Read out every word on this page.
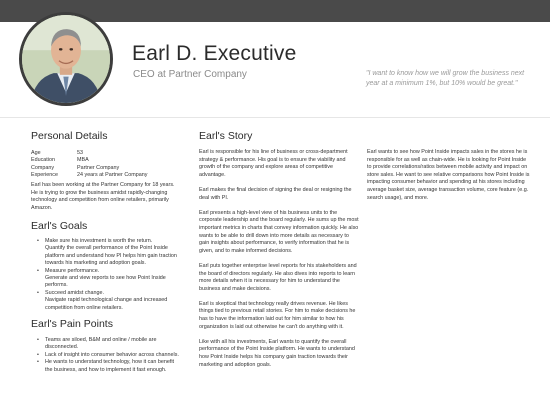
Earl D. Executive
CEO at Partner Company	"I want to know how we will grow the business next year at a minimum 1%, but 10% would be great."
Personal Details
Age	53
Education	MBA
Company	Partner Company
Experience	24 years at Partner Company
Earl has been working at the Partner Company for 18 years. He is trying to grow the business amidst rapidly-changing technology and competition from online retailers, primarily Amazon.
Earl's Goals
• Make sure his investment is worth the return.
Quantify the overall performance of the Point Inside platform and understand how PI helps him gain traction towards his marketing and adoption goals.
• Measure performance.
Generate and view reports to see how Point Inside performs.
• Succeed amidst change.
Navigate rapid technological change and increased competition from online retailers.
Earl's Pain Points
• Teams are siloed, B&M and online / mobile are disconnected.
• Lack of insight into consumer behavior across channels.
• He wants to understand technology, how it can benefit the business, and how to implement it fast enough.
Earl's Story

Earl is responsible for his line of business or cross-department strategy & performance. His goal is to ensure the viability and growth of the company and explore areas of competitive advantage.

Earl makes the final decision of signing the deal or resigning the deal with PI.

Earl presents a high-level view of his business units to the corporate leadership and the board regularly. He sums up the most important metrics in charts that convey information quickly. He also wants to be able to drill down into more details as necessary to gain insights about performance, to verify information that he is given, and to make informed decisions.

Earl puts together enterprise level reports for his stakeholders and the board of directors regularly. He also dives into reports to learn more details when it is necessary for him to understand the business and make decisions.

Earl is skeptical that technology really drives revenue. He likes things tied to previous retail stories. For him to make decisions he has to have the information laid out for him similar to how his organization is laid out otherwise he can't do anything with it.

Like with all his investments, Earl wants to quantify the overall performance of the Point Inside platform. He wants to understand how Point Inside helps his company gain traction towards their marketing and adoption goals.

Earl wants to see how Point Inside impacts sales in the stores he is responsible for as well as chain-wide. He is looking for Point Inside to provide correlations/ratios between mobile activity and impact on store sales. He want to see relative comparisons how Point Inside is impacting consumer behavior and spending at his stores including average basket size, average transaction volume, core feature (e.g. search usage), and more.
